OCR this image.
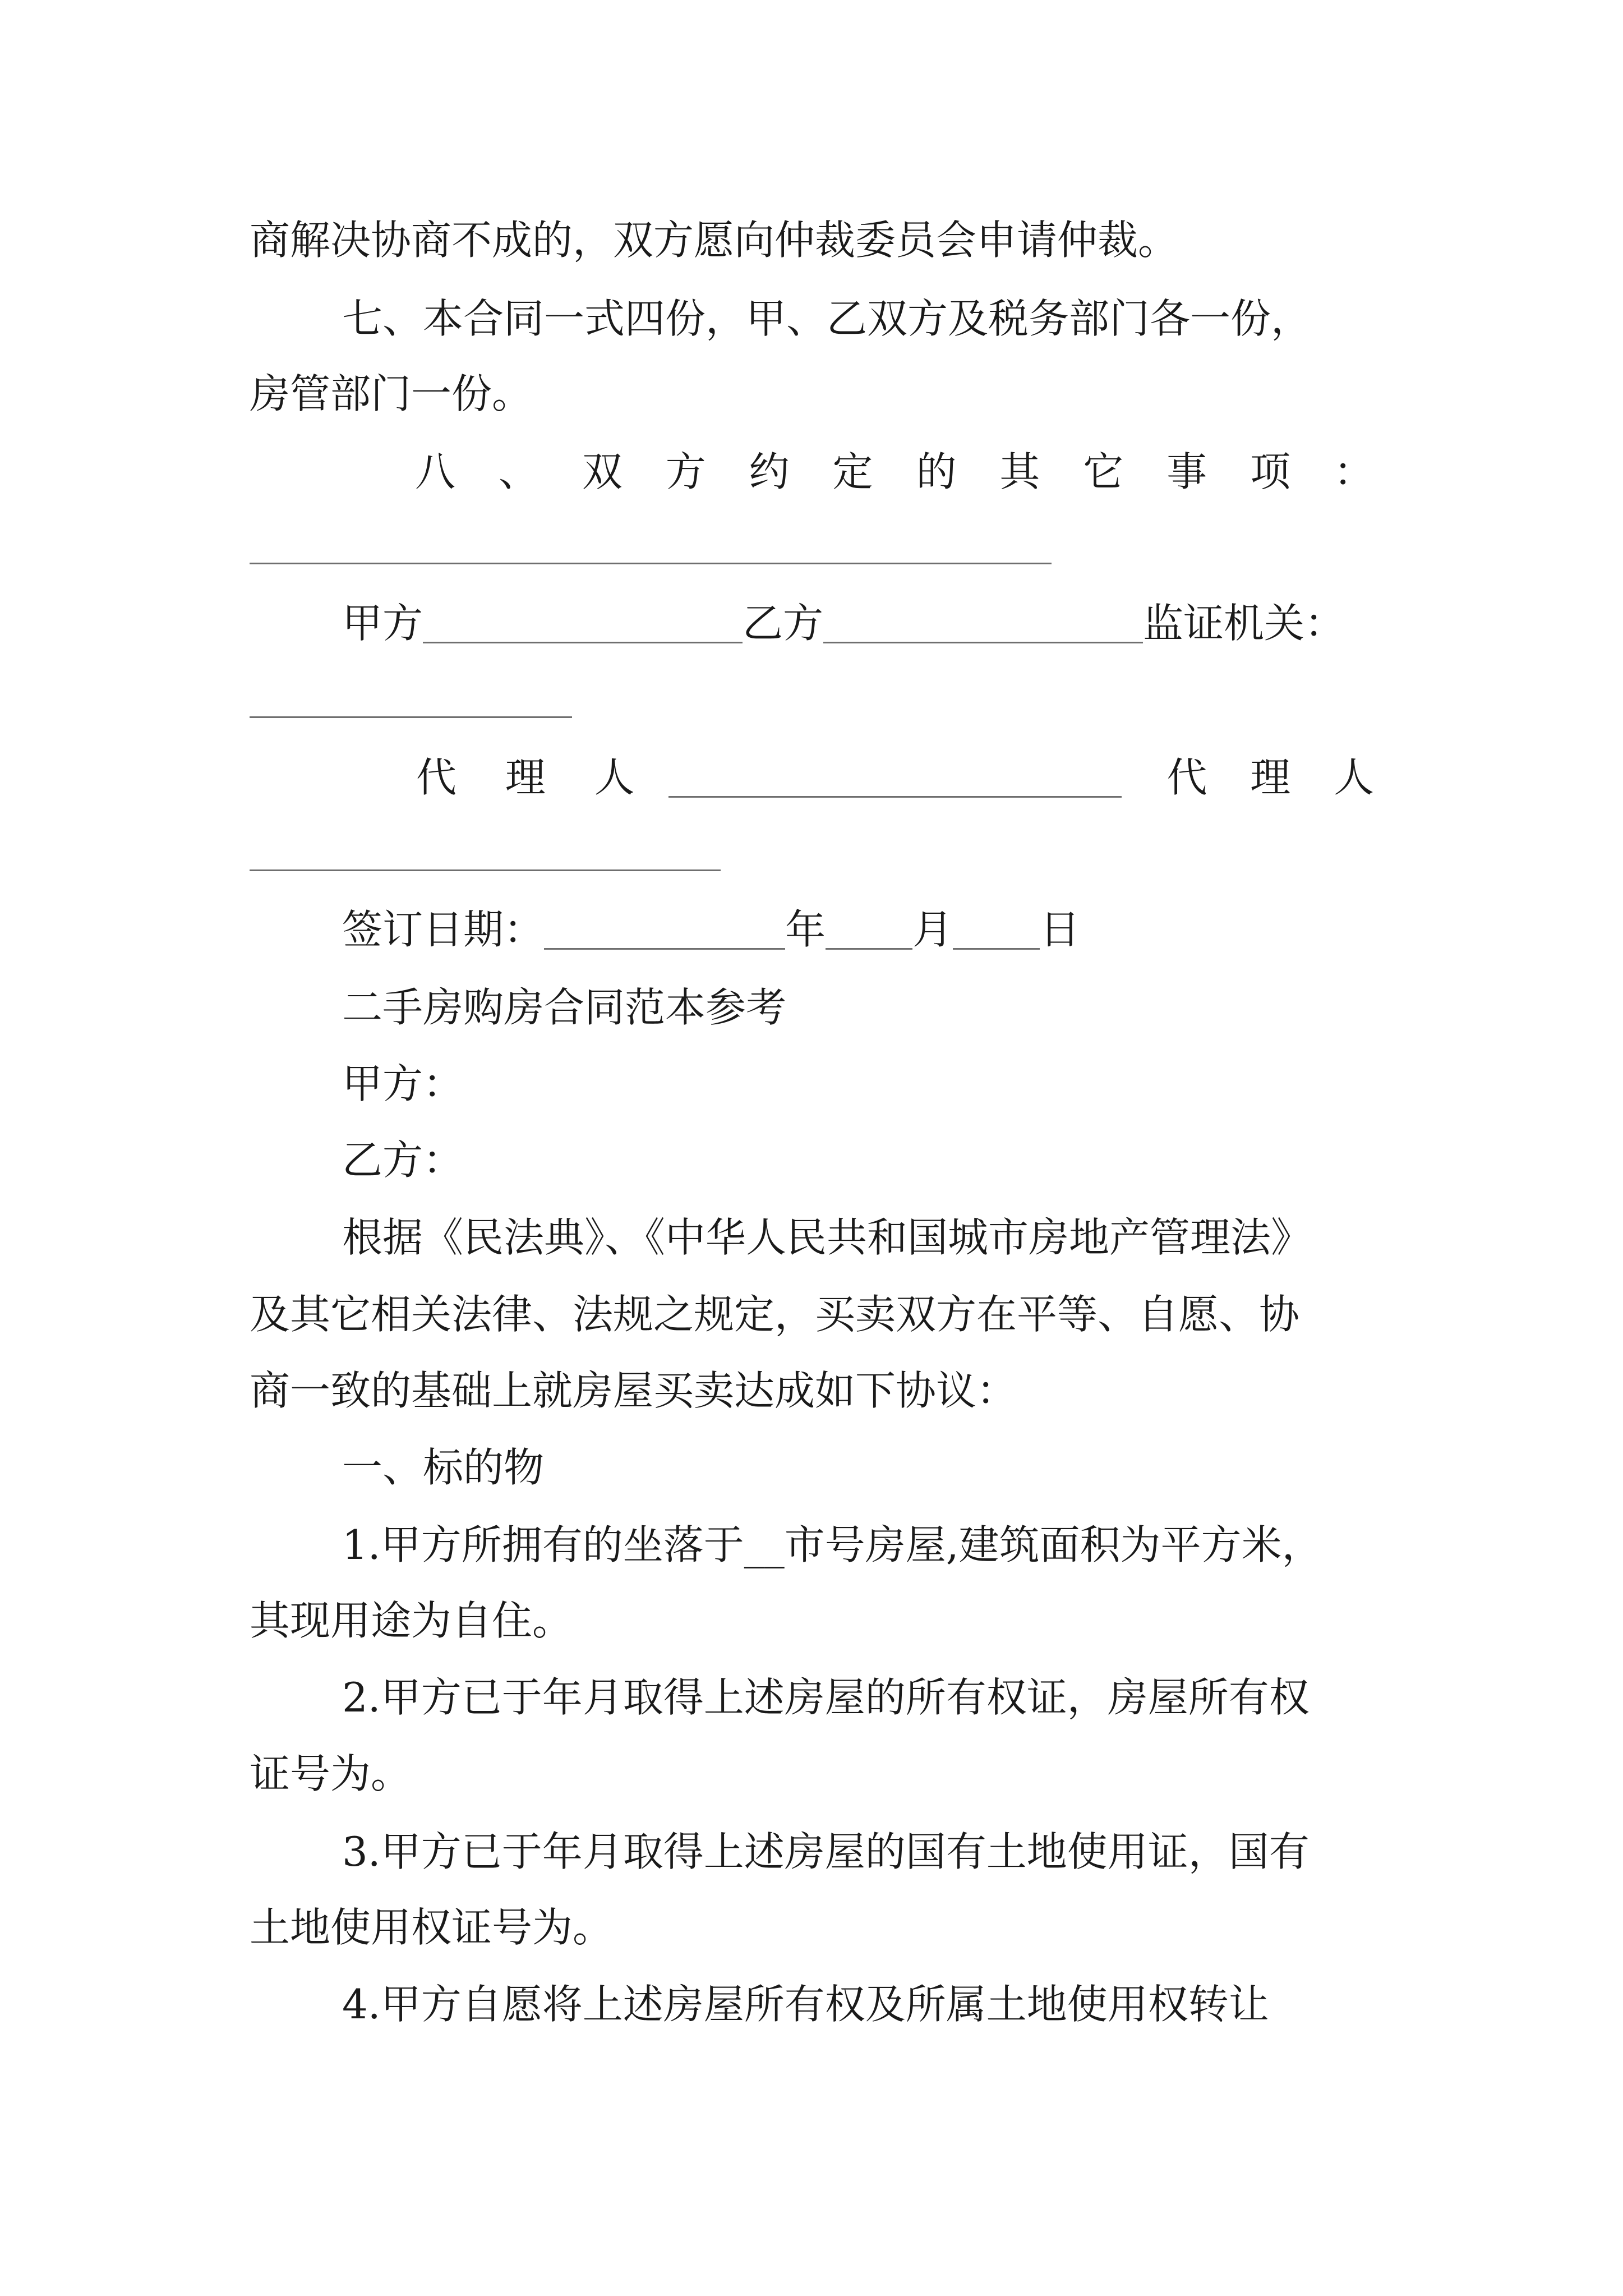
商解决协商不成的，双方愿向仲裁委员会申请仲裁。
七、本合同一式四份，甲、乙双方及税务部门各一份，
房管部门一份。
八 、 双 方 约 定 的 其 它 事 项 ：
甲方	乙方	监证机关：
代 理 人	代 理 人
签订日期：	年 月 日
二手房购房合同范本参考
甲方：
乙方：
根据《民法典》、《中华人民共和国城市房地产管理法》
及其它相关法律、法规之规定，买卖双方在平等、自愿、协
商一致的基础上就房屋买卖达成如下协议：
一、标的物
1.甲方所拥有的坐落于__市号房屋,建筑面积为平方米，
其现用途为自住。
2.甲方已于年月取得上述房屋的所有权证，房屋所有权
证号为。
3.甲方已于年月取得上述房屋的国有土地使用证，国有
土地使用权证号为。
4.甲方自愿将上述房屋所有权及所属土地使用权转让
